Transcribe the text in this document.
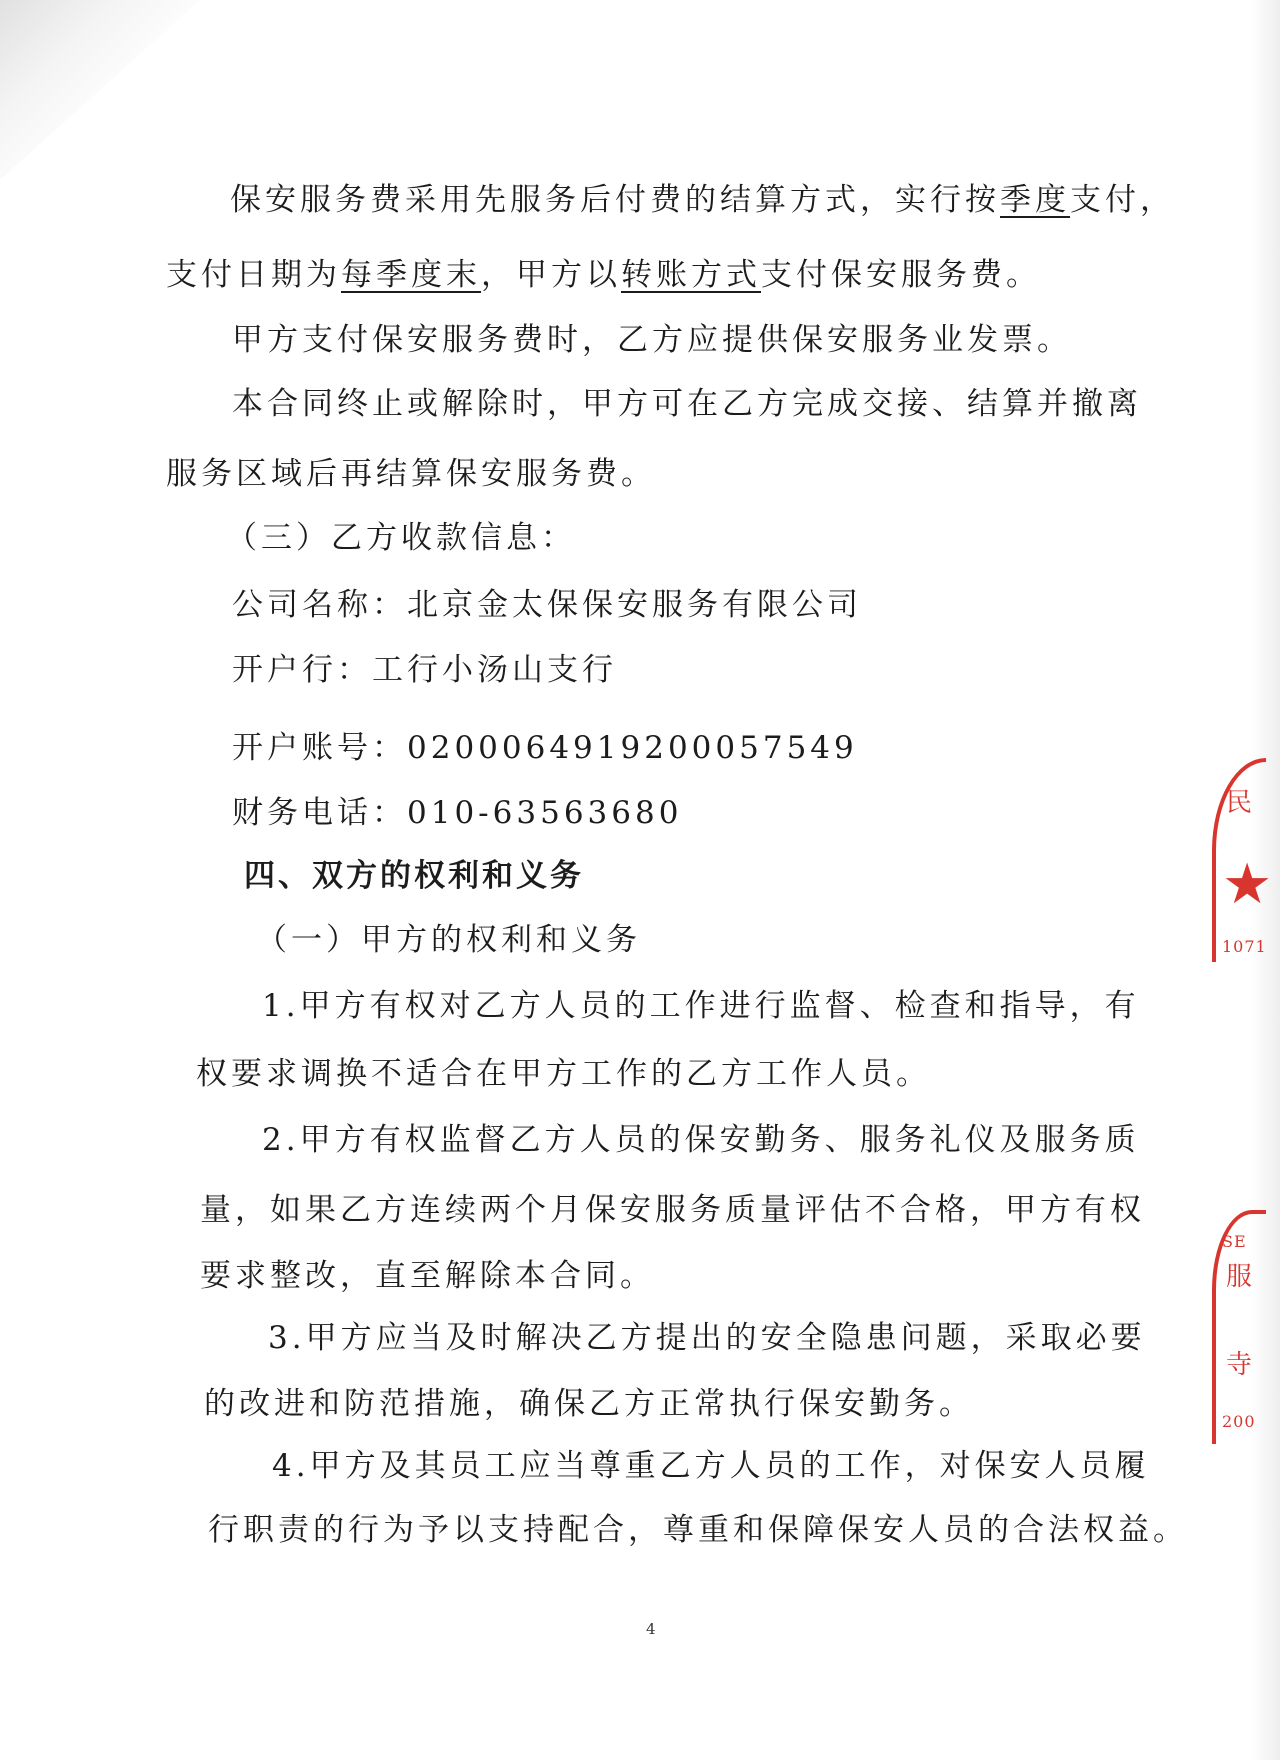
保安服务费采用先服务后付费的结算方式，实行按季度支付，
支付日期为每季度末，甲方以转账方式支付保安服务费。
甲方支付保安服务费时，乙方应提供保安服务业发票。
本合同终止或解除时，甲方可在乙方完成交接、结算并撤离
服务区域后再结算保安服务费。
（三）乙方收款信息：
公司名称：北京金太保保安服务有限公司
开户行：工行小汤山支行
开户账号：0200064919200057549
财务电话：010-63563680
四、双方的权利和义务
（一）甲方的权利和义务
1.甲方有权对乙方人员的工作进行监督、检查和指导，有
权要求调换不适合在甲方工作的乙方工作人员。
2.甲方有权监督乙方人员的保安勤务、服务礼仪及服务质
量，如果乙方连续两个月保安服务质量评估不合格，甲方有权
要求整改，直至解除本合同。
3.甲方应当及时解决乙方提出的安全隐患问题，采取必要
的改进和防范措施，确保乙方正常执行保安勤务。
4.甲方及其员工应当尊重乙方人员的工作，对保安人员履
行职责的行为予以支持配合，尊重和保障保安人员的合法权益。
4
民
★
1071
SE
服
寺
200
